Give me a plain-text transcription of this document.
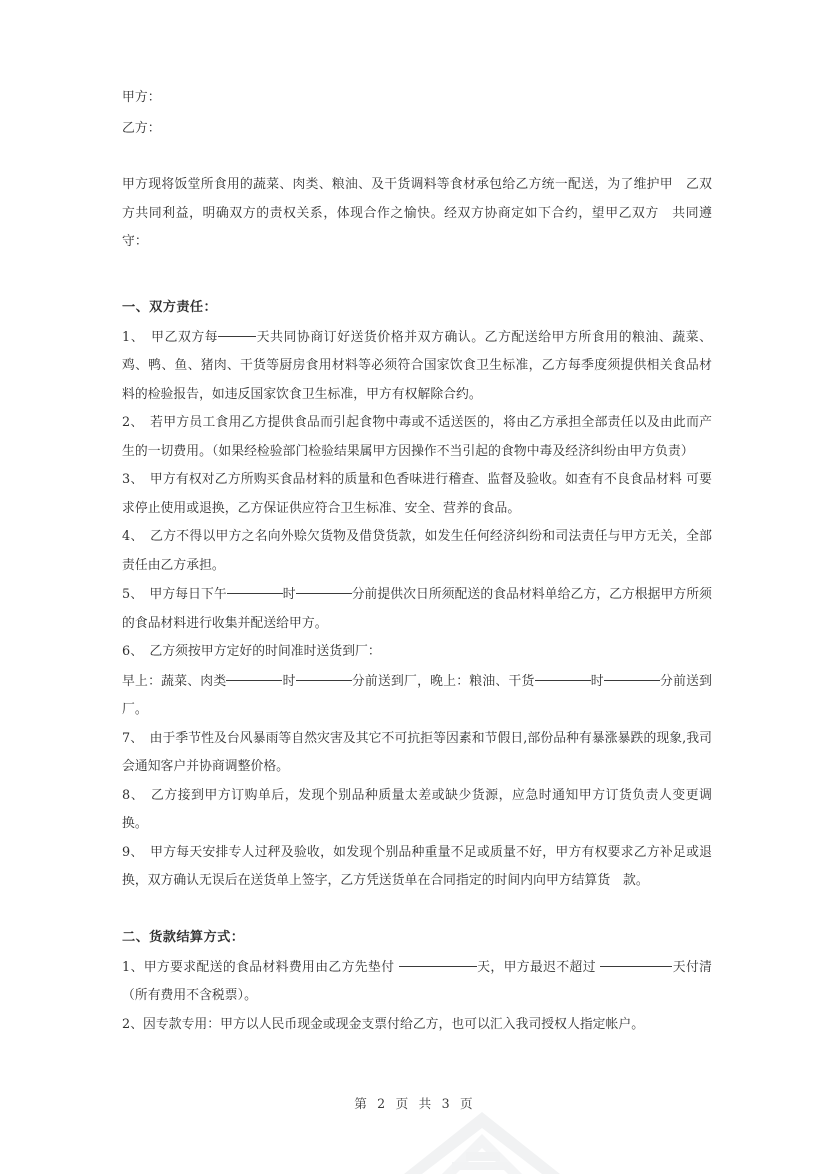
甲方：

乙方：

甲方现将饭堂所食用的蔬菜、肉类、粮油、及干货调料等食材承包给乙方统一配送，为了维护甲　乙双方共同利益，明确双方的责权关系，体现合作之愉快。经双方协商定如下合约，望甲乙双方　共同遵守：

一、双方责任：

1、　甲乙双方每	天共同协商订好送货价格并双方确认。乙方配送给甲方所食用的粮油、蔬菜、鸡、鸭、鱼、猪肉、干货等厨房食用材料等必须符合国家饮食卫生标准，乙方每季度须提供相关食品材料的检验报告，如违反国家饮食卫生标准，甲方有权解除合约。

2、　若甲方员工食用乙方提供食品而引起食物中毒或不适送医的，将由乙方承担全部责任以及由此而产生的一切费用。（如果经检验部门检验结果属甲方因操作不当引起的食物中毒及经济纠纷由甲方负责）

3、　甲方有权对乙方所购买食品材料的质量和色香味进行稽查、监督及验收。如查有不良食品材料 可要求停止使用或退换，乙方保证供应符合卫生标准、安全、营养的食品。

4、　乙方不得以甲方之名向外赊欠货物及借贷货款，如发生任何经济纠纷和司法责任与甲方无关，全部责任由乙方承担。

5、　甲方每日下午	时	分前提供次日所须配送的食品材料单给乙方，乙方根据甲方所须的食品材料进行收集并配送给甲方。

6、　乙方须按甲方定好的时间准时送货到厂：

早上：蔬菜、肉类	时	分前送到厂，晚上：粮油、干货	时	分前送到厂。

7、　由于季节性及台风暴雨等自然灾害及其它不可抗拒等因素和节假日,部份品种有暴涨暴跌的现象,我司会通知客户并协商调整价格。

8、　乙方接到甲方订购单后，发现个别品种质量太差或缺少货源，应急时通知甲方订货负责人变更调换。

9、　甲方每天安排专人过秤及验收，如发现个别品种重量不足或质量不好，甲方有权要求乙方补足或退换，双方确认无误后在送货单上签字，乙方凭送货单在合同指定的时间内向甲方结算货　款。

二、货款结算方式：

1、甲方要求配送的食品材料费用由乙方先垫付	天，甲方最迟不超过	天付清（所有费用不含税票）。

2、因专款专用：甲方以人民币现金或现金支票付给乙方，也可以汇入我司授权人指定帐户。

第 2 页 共 3 页
